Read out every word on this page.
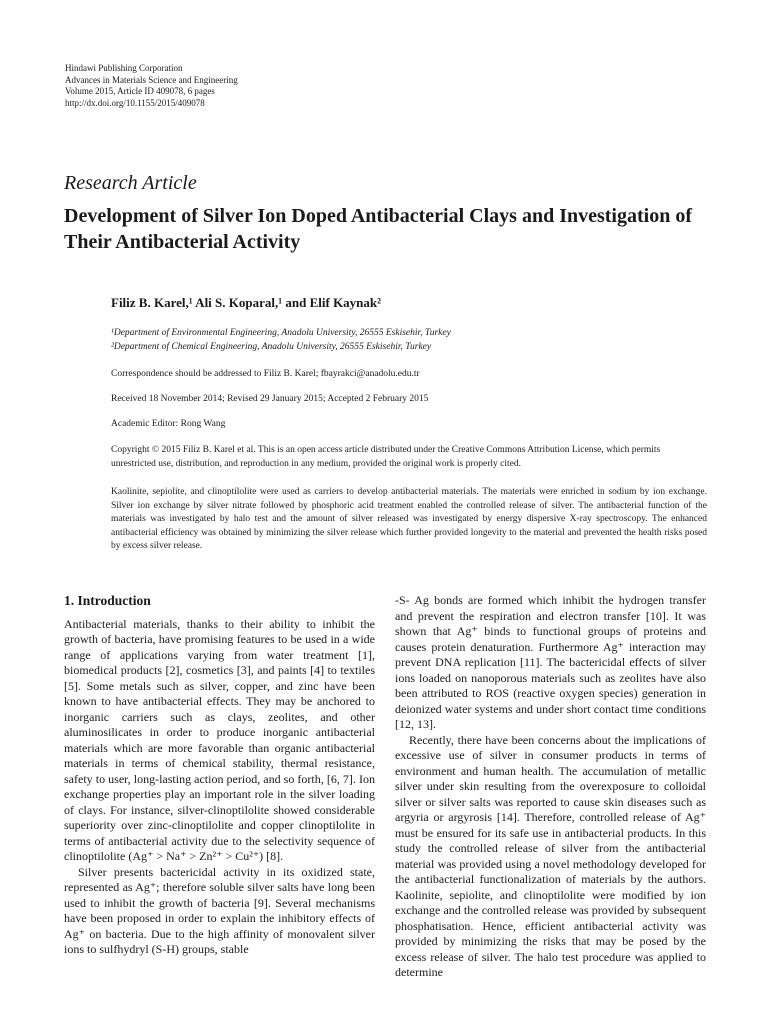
Hindawi Publishing Corporation
Advances in Materials Science and Engineering
Volume 2015, Article ID 409078, 6 pages
http://dx.doi.org/10.1155/2015/409078
Research Article
Development of Silver Ion Doped Antibacterial Clays and Investigation of Their Antibacterial Activity
Filiz B. Karel,¹ Ali S. Koparal,¹ and Elif Kaynak²
¹Department of Environmental Engineering, Anadolu University, 26555 Eskisehir, Turkey
²Department of Chemical Engineering, Anadolu University, 26555 Eskisehir, Turkey
Correspondence should be addressed to Filiz B. Karel; fbayrakci@anadolu.edu.tr
Received 18 November 2014; Revised 29 January 2015; Accepted 2 February 2015
Academic Editor: Rong Wang
Copyright © 2015 Filiz B. Karel et al. This is an open access article distributed under the Creative Commons Attribution License, which permits unrestricted use, distribution, and reproduction in any medium, provided the original work is properly cited.
Kaolinite, sepiolite, and clinoptilolite were used as carriers to develop antibacterial materials. The materials were enriched in sodium by ion exchange. Silver ion exchange by silver nitrate followed by phosphoric acid treatment enabled the controlled release of silver. The antibacterial function of the materials was investigated by halo test and the amount of silver released was investigated by energy dispersive X-ray spectroscopy. The enhanced antibacterial efficiency was obtained by minimizing the silver release which further provided longevity to the material and prevented the health risks posed by excess silver release.
1. Introduction

Antibacterial materials, thanks to their ability to inhibit the growth of bacteria, have promising features to be used in a wide range of applications varying from water treatment [1], biomedical products [2], cosmetics [3], and paints [4] to textiles [5]. Some metals such as silver, copper, and zinc have been known to have antibacterial effects. They may be anchored to inorganic carriers such as clays, zeolites, and other aluminosilicates in order to produce inorganic antibacterial materials which are more favorable than organic antibacterial materials in terms of chemical stability, thermal resistance, safety to user, long-lasting action period, and so forth, [6, 7]. Ion exchange properties play an important role in the silver loading of clays. For instance, silver-clinoptilolite showed considerable superiority over zinc-clinoptilolite and copper clinoptilolite in terms of antibacterial activity due to the selectivity sequence of clinoptilolite (Ag⁺ > Na⁺ > Zn²⁺ > Cu²⁺) [8].

Silver presents bactericidal activity in its oxidized state, represented as Ag⁺; therefore soluble silver salts have long been used to inhibit the growth of bacteria [9]. Several mechanisms have been proposed in order to explain the inhibitory effects of Ag⁺ on bacteria. Due to the high affinity of monovalent silver ions to sulfhydryl (S-H) groups, stable

-S- Ag bonds are formed which inhibit the hydrogen transfer and prevent the respiration and electron transfer [10]. It was shown that Ag⁺ binds to functional groups of proteins and causes protein denaturation. Furthermore Ag⁺ interaction may prevent DNA replication [11]. The bactericidal effects of silver ions loaded on nanoporous materials such as zeolites have also been attributed to ROS (reactive oxygen species) generation in deionized water systems and under short contact time conditions [12, 13].

Recently, there have been concerns about the implications of excessive use of silver in consumer products in terms of environment and human health. The accumulation of metallic silver under skin resulting from the overexposure to colloidal silver or silver salts was reported to cause skin diseases such as argyria or argyrosis [14]. Therefore, controlled release of Ag⁺ must be ensured for its safe use in antibacterial products. In this study the controlled release of silver from the antibacterial material was provided using a novel methodology developed for the antibacterial functionalization of materials by the authors. Kaolinite, sepiolite, and clinoptilolite were modified by ion exchange and the controlled release was provided by subsequent phosphatisation. Hence, efficient antibacterial activity was provided by minimizing the risks that may be posed by the excess release of silver. The halo test procedure was applied to determine
